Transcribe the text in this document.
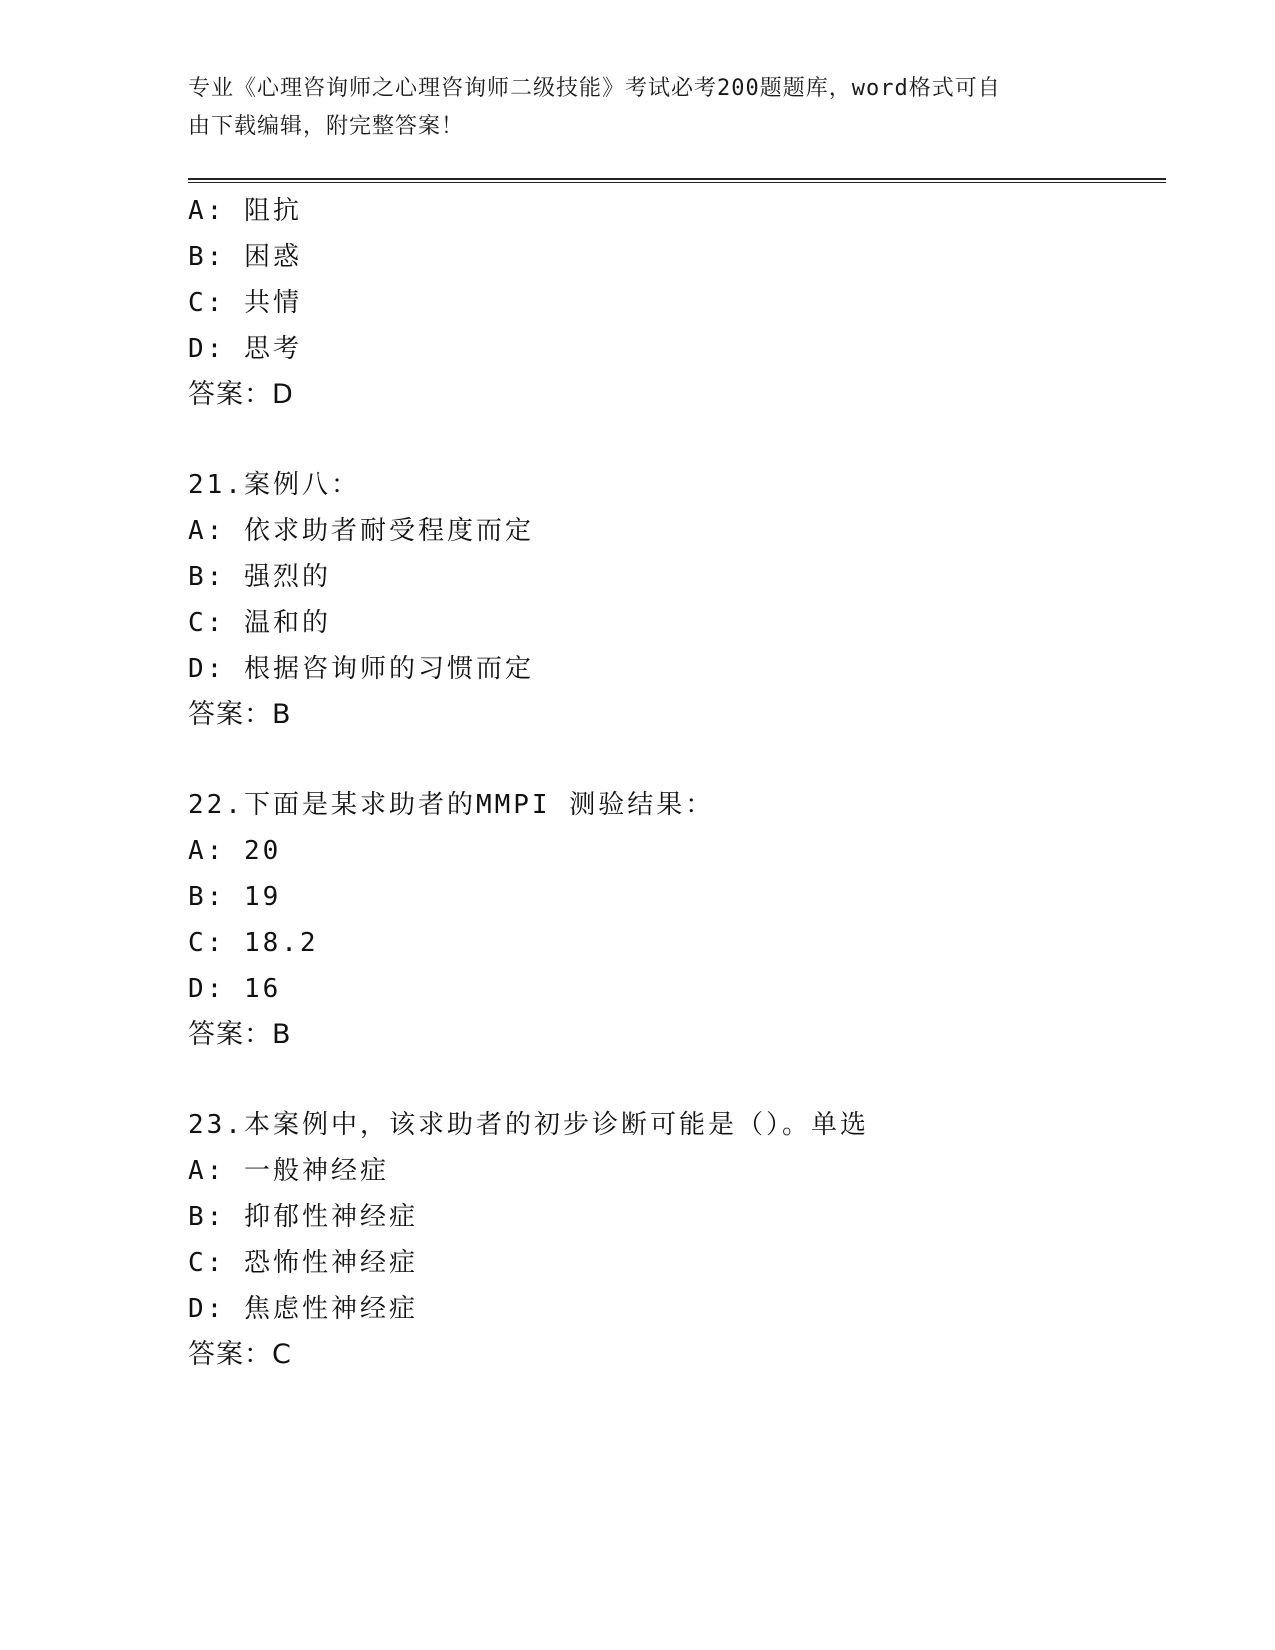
专业《心理咨询师之心理咨询师二级技能》考试必考200题题库，word格式可自
由下载编辑，附完整答案！
A: 阻抗
B: 困惑
C: 共情
D: 思考
答案：D
21.案例八：
A: 依求助者耐受程度而定
B: 强烈的
C: 温和的
D: 根据咨询师的习惯而定
答案：B
22.下面是某求助者的MMPI 测验结果：
A: 20
B: 19
C: 18.2
D: 16
答案：B
23.本案例中，该求助者的初步诊断可能是（）。单选
A: 一般神经症
B: 抑郁性神经症
C: 恐怖性神经症
D: 焦虑性神经症
答案：C
